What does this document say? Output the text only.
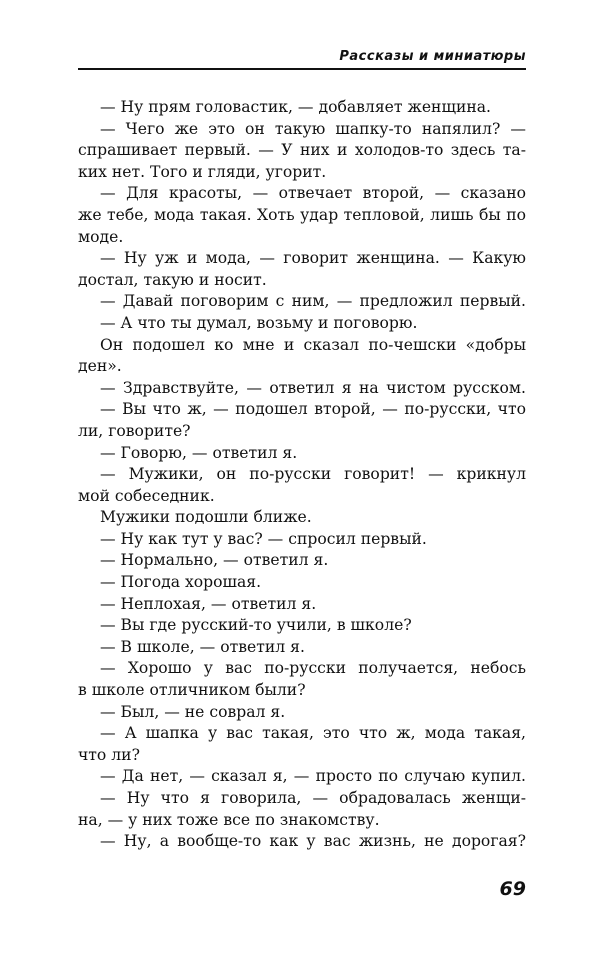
Рассказы и миниатюры
— Ну прям головастик, — добавляет женщина.
— Чего же это он такую шапку-то напялил? —
спрашивает первый. — У них и холодов-то здесь та-
ких нет. Того и гляди, угорит.
— Для красоты, — отвечает второй, — сказано
же тебе, мода такая. Хоть удар тепловой, лишь бы по
моде.
— Ну уж и мода, — говорит женщина. — Какую
достал, такую и носит.
— Давай поговорим с ним, — предложил первый.
— А что ты думал, возьму и поговорю.
Он подошел ко мне и сказал по-чешски «добры
ден».
— Здравствуйте, — ответил я на чистом русском.
— Вы что ж, — подошел второй, — по-русски, что
ли, говорите?
— Говорю, — ответил я.
— Мужики, он по-русски говорит! — крикнул
мой собеседник.
Мужики подошли ближе.
— Ну как тут у вас? — спросил первый.
— Нормально, — ответил я.
— Погода хорошая.
— Неплохая, — ответил я.
— Вы где русский-то учили, в школе?
— В школе, — ответил я.
— Хорошо у вас по-русски получается, небось
в школе отличником были?
— Был, — не соврал я.
— А шапка у вас такая, это что ж, мода такая,
что ли?
— Да нет, — сказал я, — просто по случаю купил.
— Ну что я говорила, — обрадовалась женщи-
на, — у них тоже все по знакомству.
— Ну, а вообще-то как у вас жизнь, не дорогая?
69
